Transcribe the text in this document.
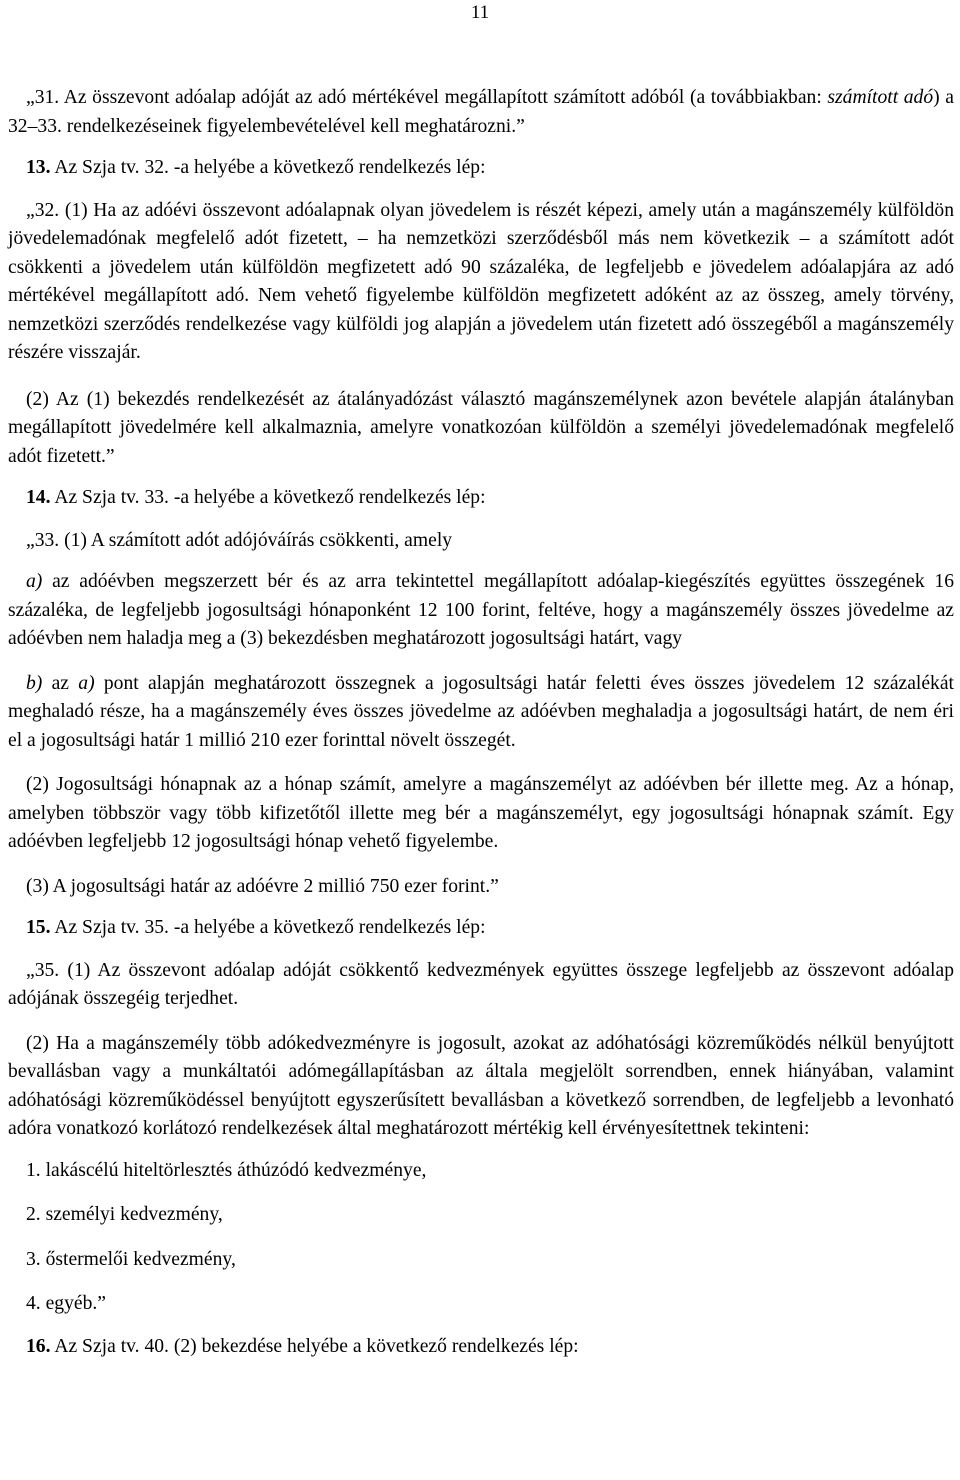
11

„31. Az összevont adóalap adóját az adó mértékével megállapított számított adóból (a továbbiakban: számított adó) a 32–33. rendelkezéseinek figyelembevételével kell meghatározni.”

13. Az Szja tv. 32. -a helyébe a következő rendelkezés lép:

„32. (1) Ha az adóévi összevont adóalapnak olyan jövedelem is részét képezi, amely után a magánszemély külföldön jövedelemadónak megfelelő adót fizetett, – ha nemzetközi szerződésből más nem következik – a számított adót csökkenti a jövedelem után külföldön megfizetett adó 90 százaléka, de legfeljebb e jövedelem adóalapjára az adó mértékével megállapított adó. Nem vehető figyelembe külföldön megfizetett adóként az az összeg, amely törvény, nemzetközi szerződés rendelkezése vagy külföldi jog alapján a jövedelem után fizetett adó összegéből a magánszemély részére visszajár.

(2) Az (1) bekezdés rendelkezését az átalányadózást választó magánszemélynek azon bevétele alapján átalányban megállapított jövedelmére kell alkalmaznia, amelyre vonatkozóan külföldön a személyi jövedelemadónak megfelelő adót fizetett.”

14. Az Szja tv. 33. -a helyébe a következő rendelkezés lép:

„33. (1) A számított adót adójóváírás csökkenti, amely

a) az adóévben megszerzett bér és az arra tekintettel megállapított adóalap-kiegészítés együttes összegének 16 százaléka, de legfeljebb jogosultsági hónaponként 12 100 forint, feltéve, hogy a magánszemély összes jövedelme az adóévben nem haladja meg a (3) bekezdésben meghatározott jogosultsági határt, vagy

b) az a) pont alapján meghatározott összegnek a jogosultsági határ feletti éves összes jövedelem 12 százalékát meghaladó része, ha a magánszemély éves összes jövedelme az adóévben meghaladja a jogosultsági határt, de nem éri el a jogosultsági határ 1 millió 210 ezer forinttal növelt összegét.

(2) Jogosultsági hónapnak az a hónap számít, amelyre a magánszemélyt az adóévben bér illette meg. Az a hónap, amelyben többször vagy több kifizetőtől illette meg bér a magánszemélyt, egy jogosultsági hónapnak számít. Egy adóévben legfeljebb 12 jogosultsági hónap vehető figyelembe.

(3) A jogosultsági határ az adóévre 2 millió 750 ezer forint.”

15. Az Szja tv. 35. -a helyébe a következő rendelkezés lép:

„35. (1) Az összevont adóalap adóját csökkentő kedvezmények együttes összege legfeljebb az összevont adóalap adójának összegéig terjedhet.

(2) Ha a magánszemély több adókedvezményre is jogosult, azokat az adóhatósági közreműködés nélkül benyújtott bevallásban vagy a munkáltatói adómegállapításban az általa megjelölt sorrendben, ennek hiányában, valamint adóhatósági közreműködéssel benyújtott egyszerűsített bevallásban a következő sorrendben, de legfeljebb a levonható adóra vonatkozó korlátozó rendelkezések által meghatározott mértékig kell érvényesítettnek tekinteni:

1. lakáscélú hiteltörlesztés áthúzódó kedvezménye,
2. személyi kedvezmény,
3. őstermelői kedvezmény,
4. egyéb.”

16. Az Szja tv. 40. (2) bekezdése helyébe a következő rendelkezés lép:
